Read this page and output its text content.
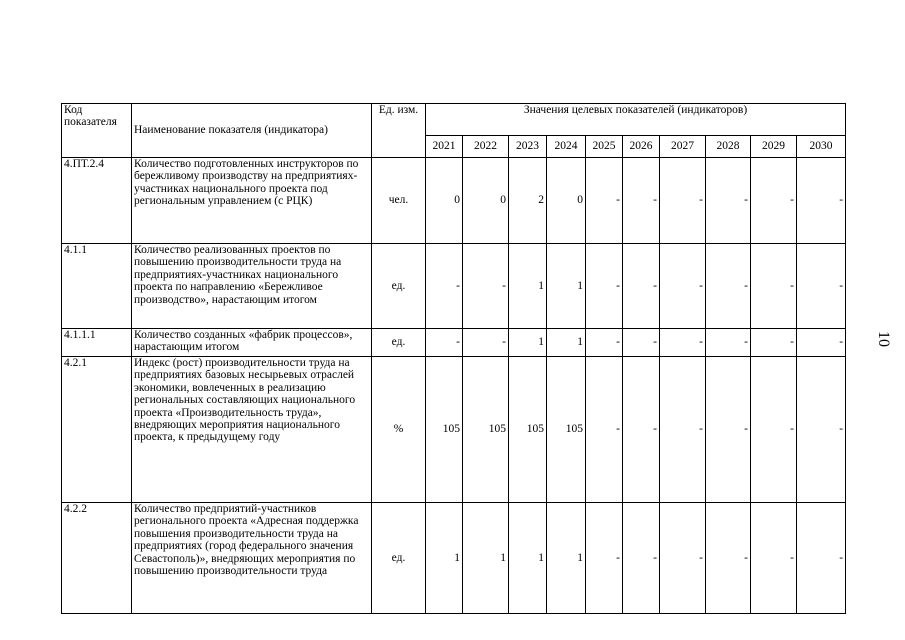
Код показателя	Наименование показателя (индикатора)	Ед. изм.	Значения целевых показателей (индикаторов)									
			2021	2022	2023	2024	2025	2026	2027	2028	2029	2030
4.ПТ.2.4	Количество подготовленных инструкторов по бережливому производству на предприятиях-участниках национального проекта под региональным управлением (с РЦК)	чел.	0	0	2	0	-	-	-	-	-	-
4.1.1	Количество реализованных проектов по повышению производительности труда на предприятиях-участниках национального проекта по направлению «Бережливое производство», нарастающим итогом	ед.	-	-	1	1	-	-	-	-	-	-
4.1.1.1	Количество созданных «фабрик процессов», нарастающим итогом	ед.	-	-	1	1	-	-	-	-	-	-
4.2.1	Индекс (рост) производительности труда на предприятиях базовых несырьевых отраслей экономики, вовлеченных в реализацию региональных составляющих национального проекта «Производительность труда», внедряющих мероприятия национального проекта, к предыдущему году	%	105	105	105	105	-	-	-	-	-	-
4.2.2	Количество предприятий-участников регионального проекта «Адресная поддержка повышения производительности труда на предприятиях (город федерального значения Севастополь)», внедряющих мероприятия по повышению производительности труда	ед.	1	1	1	1	-	-	-	-	-	-
10
